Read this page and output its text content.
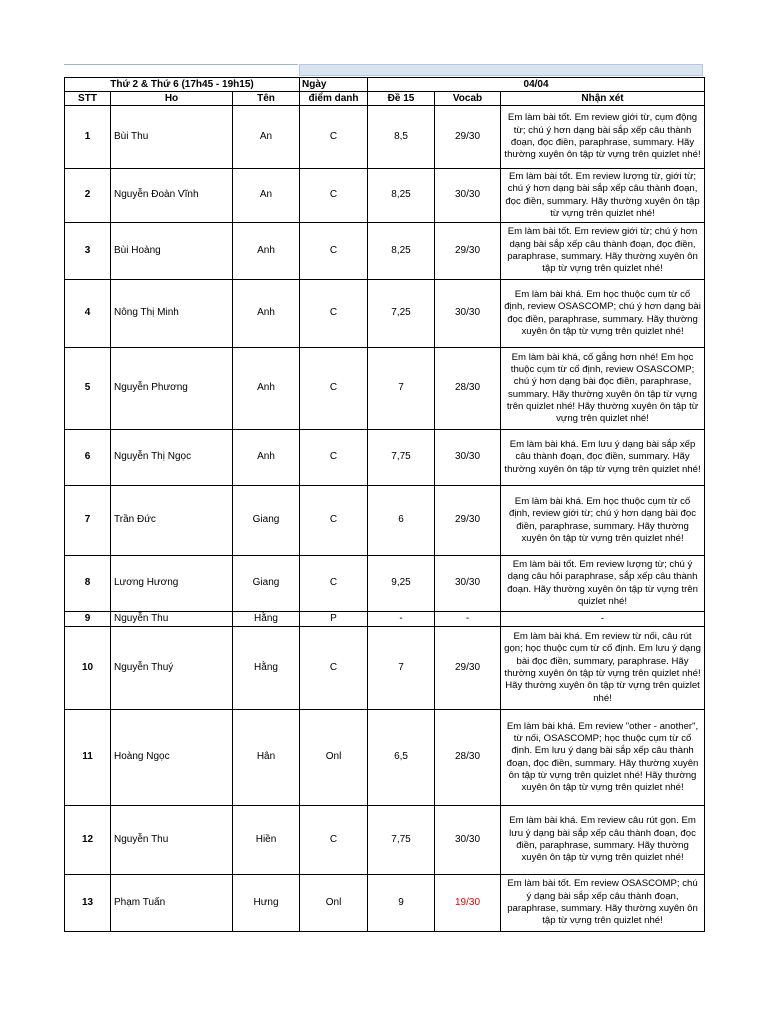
Thứ 2 & Thứ 6 (17h45 - 19h15)			Ngày	04/04		
STT	Ho	Tên	điểm danh	Đề 15	Vocab	Nhận xét
1	Bùi Thu	An	C	8,5	29/30	Em làm bài tốt. Em review giới từ, cụm động từ; chú ý hơn dạng bài sắp xếp câu thành đoạn, đọc điền, paraphrase, summary. Hãy thường xuyên ôn tập từ vựng trên quizlet nhé!
2	Nguyễn Đoàn Vĩnh	An	C	8,25	30/30	Em làm bài tốt. Em review lượng từ, giới từ; chú ý hơn dạng bài sắp xếp câu thành đoạn, đọc điền, summary. Hãy thường xuyên ôn tập từ vựng trên quizlet nhé!
3	Bùi Hoàng	Anh	C	8,25	29/30	Em làm bài tốt. Em review giới từ; chú ý hơn dạng bài sắp xếp câu thành đoạn, đọc điền, paraphrase, summary. Hãy thường xuyên ôn tập từ vựng trên quizlet nhé!
4	Nông Thị Minh	Anh	C	7,25	30/30	Em làm bài khá. Em học thuộc cụm từ cố định, review OSASCOMP; chú ý hơn dạng bài đọc điền, paraphrase, summary. Hãy thường xuyên ôn tập từ vựng trên quizlet nhé!
5	Nguyễn Phương	Anh	C	7	28/30	Em làm bài khá, cố gắng hơn nhé! Em học thuộc cụm từ cố định, review OSASCOMP; chú ý hơn dạng bài đọc điền, paraphrase, summary. Hãy thường xuyên ôn tập từ vựng trên quizlet nhé! Hãy thường xuyên ôn tập từ vựng trên quizlet nhé!
6	Nguyễn Thị Ngọc	Anh	C	7,75	30/30	Em làm bài khá. Em lưu ý dạng bài sắp xếp câu thành đoạn, đọc điền, summary. Hãy thường xuyên ôn tập từ vựng trên quizlet nhé!
7	Trần Đức	Giang	C	6	29/30	Em làm bài khá. Em học thuộc cụm từ cố định, review giới từ; chú ý hơn dạng bài đọc điền, paraphrase, summary. Hãy thường xuyên ôn tập từ vựng trên quizlet nhé!
8	Lương Hương	Giang	C	9,25	30/30	Em làm bài tốt. Em review lượng từ; chú ý dạng câu hỏi paraphrase, sắp xếp câu thành đoạn. Hãy thường xuyên ôn tập từ vựng trên quizlet nhé!
9	Nguyễn Thu	Hằng	P	-	-	-
10	Nguyễn Thuý	Hằng	C	7	29/30	Em làm bài khá. Em review từ nối, câu rút gọn; học thuộc cụm từ cố định. Em lưu ý dạng bài đọc điền, summary, paraphrase. Hãy thường xuyên ôn tập từ vựng trên quizlet nhé! Hãy thường xuyên ôn tập từ vựng trên quizlet nhé!
11	Hoàng Ngọc	Hân	Onl	6,5	28/30	Em làm bài khá. Em review "other - another", từ nối, OSASCOMP; học thuộc cụm từ cố định. Em lưu ý dạng bài sắp xếp câu thành đoạn, đọc điền, summary. Hãy thường xuyên ôn tập từ vựng trên quizlet nhé! Hãy thường xuyên ôn tập từ vựng trên quizlet nhé!
12	Nguyễn Thu	Hiền	C	7,75	30/30	Em làm bài khá. Em review câu rút gọn. Em lưu ý dạng bài sắp xếp câu thành đoạn, đọc điền, paraphrase, summary. Hãy thường xuyên ôn tập từ vựng trên quizlet nhé!
13	Phạm Tuấn	Hưng	Onl	9	19/30	Em làm bài tốt. Em review OSASCOMP; chú ý dạng bài sắp xếp câu thành đoạn, paraphrase, summary. Hãy thường xuyên ôn tập từ vựng trên quizlet nhé!
